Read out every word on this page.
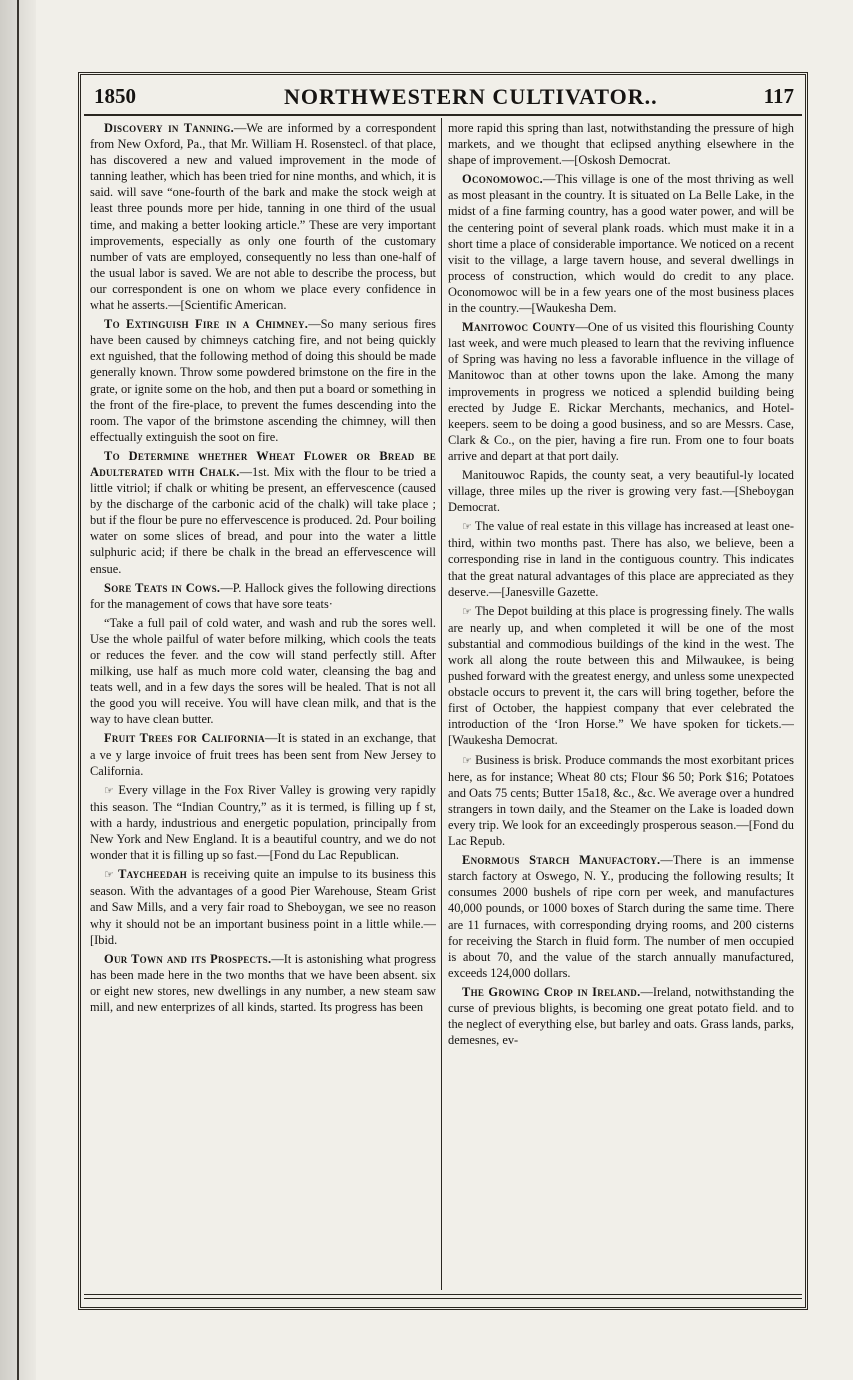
1850	NORTHWESTERN CULTIVATOR..	117

Discovery in Tanning.—We are informed by a correspondent from New Oxford, Pa., that Mr. William H. Rosenstecl. of that place, has discovered a new and valued improvement in the mode of tanning leather, which has been tried for nine months, and which, it is said. will save “one-fourth of the bark and make the stock weigh at least three pounds more per hide, tanning in one third of the usual time, and making a better looking article.” These are very important improvements, especially as only one fourth of the customary number of vats are employed, consequently no less than one-half of the usual labor is saved. We are not able to describe the process, but our correspondent is one on whom we place every confidence in what he asserts.—[Scientific American.

To Extinguish Fire in a Chimney.—So many serious fires have been caused by chimneys catching fire, and not being quickly ext nguished, that the following method of doing this should be made generally known. Throw some powdered brimstone on the fire in the grate, or ignite some on the hob, and then put a board or something in the front of the fire-place, to prevent the fumes descending into the room. The vapor of the brimstone ascending the chimney, will then effectually extinguish the soot on fire.

To Determine whether Wheat Flower or Bread be Adulterated with Chalk.—1st. Mix with the flour to be tried a little vitriol; if chalk or whiting be present, an effervescence (caused by the discharge of the carbonic acid of the chalk) will take place ; but if the flour be pure no effervescence is produced. 2d. Pour boiling water on some slices of bread, and pour into the water a little sulphuric acid; if there be chalk in the bread an effervescence will ensue.

Sore Teats in Cows.—P. Hallock gives the following directions for the management of cows that have sore teats·

“Take a full pail of cold water, and wash and rub the sores well. Use the whole pailful of water before milking, which cools the teats or reduces the fever. and the cow will stand perfectly still. After milking, use half as much more cold water, cleansing the bag and teats well, and in a few days the sores will be healed. That is not all the good you will receive. You will have clean milk, and that is the way to have clean butter.

Fruit Trees for California—It is stated in an exchange, that a ve y large invoice of fruit trees has been sent from New Jersey to California.

☞ Every village in the Fox River Valley is growing very rapidly this season. The “Indian Country,” as it is termed, is filling up f st, with a hardy, industrious and energetic population, principally from New York and New England. It is a beautiful country, and we do not wonder that it is filling up so fast.—[Fond du Lac Republican.

☞ Taycheedah is receiving quite an impulse to its business this season. With the advantages of a good Pier Warehouse, Steam Grist and Saw Mills, and a very fair road to Sheboygan, we see no reason why it should not be an important business point in a little while.—[Ibid.

Our Town and its Prospects.—It is astonishing what progress has been made here in the two months that we have been absent. six or eight new stores, new dwellings in any number, a new steam saw mill, and new enterprizes of all kinds, started. Its progress has been

more rapid this spring than last, notwithstanding the pressure of high markets, and we thought that eclipsed anything elsewhere in the shape of improvement.—[Oskosh Democrat.

Oconomowoc.—This village is one of the most thriving as well as most pleasant in the country. It is situated on La Belle Lake, in the midst of a fine farming country, has a good water power, and will be the centering point of several plank roads. which must make it in a short time a place of considerable importance. We noticed on a recent visit to the village, a large tavern house, and several dwellings in process of construction, which would do credit to any place. Oconomowoc will be in a few years one of the most business places in the country.—[Waukesha Dem.

Manitowoc County—One of us visited this flourishing County last week, and were much pleased to learn that the reviving influence of Spring was having no less a favorable influence in the village of Manitowoc than at other towns upon the lake. Among the many improvements in progress we noticed a splendid building being erected by Judge E. Rickar Merchants, mechanics, and Hotel-keepers. seem to be doing a good business, and so are Messrs. Case, Clark & Co., on the pier, having a fire run. From one to four boats arrive and depart at that port daily.

Manitouwoc Rapids, the county seat, a very beautiful-ly located village, three miles up the river is growing very fast.—[Sheboygan Democrat.

☞ The value of real estate in this village has increased at least one-third, within two months past. There has also, we believe, been a corresponding rise in land in the contiguous country. This indicates that the great natural advantages of this place are appreciated as they deserve.—[Janesville Gazette.

☞ The Depot building at this place is progressing finely. The walls are nearly up, and when completed it will be one of the most substantial and commodious buildings of the kind in the west. The work all along the route between this and Milwaukee, is being pushed forward with the greatest energy, and unless some unexpected obstacle occurs to prevent it, the cars will bring together, before the first of October, the happiest company that ever celebrated the introduction of the ‘Iron Horse.” We have spoken for tickets.—[Waukesha Democrat.

☞ Business is brisk. Produce commands the most exorbitant prices here, as for instance; Wheat 80 cts; Flour $6 50; Pork $16; Potatoes and Oats 75 cents; Butter 15a18, &c., &c. We average over a hundred strangers in town daily, and the Steamer on the Lake is loaded down every trip. We look for an exceedingly prosperous season.—[Fond du Lac Repub.

Enormous Starch Manufactory.—There is an immense starch factory at Oswego, N. Y., producing the following results; It consumes 2000 bushels of ripe corn per week, and manufactures 40,000 pounds, or 1000 boxes of Starch during the same time. There are 11 furnaces, with corresponding drying rooms, and 200 cisterns for receiving the Starch in fluid form. The number of men occupied is about 70, and the value of the starch annually manufactured, exceeds 124,000 dollars.

The Growing Crop in Ireland.—Ireland, notwithstanding the curse of previous blights, is becoming one great potato field. and to the neglect of everything else, but barley and oats. Grass lands, parks, demesnes, ev-
